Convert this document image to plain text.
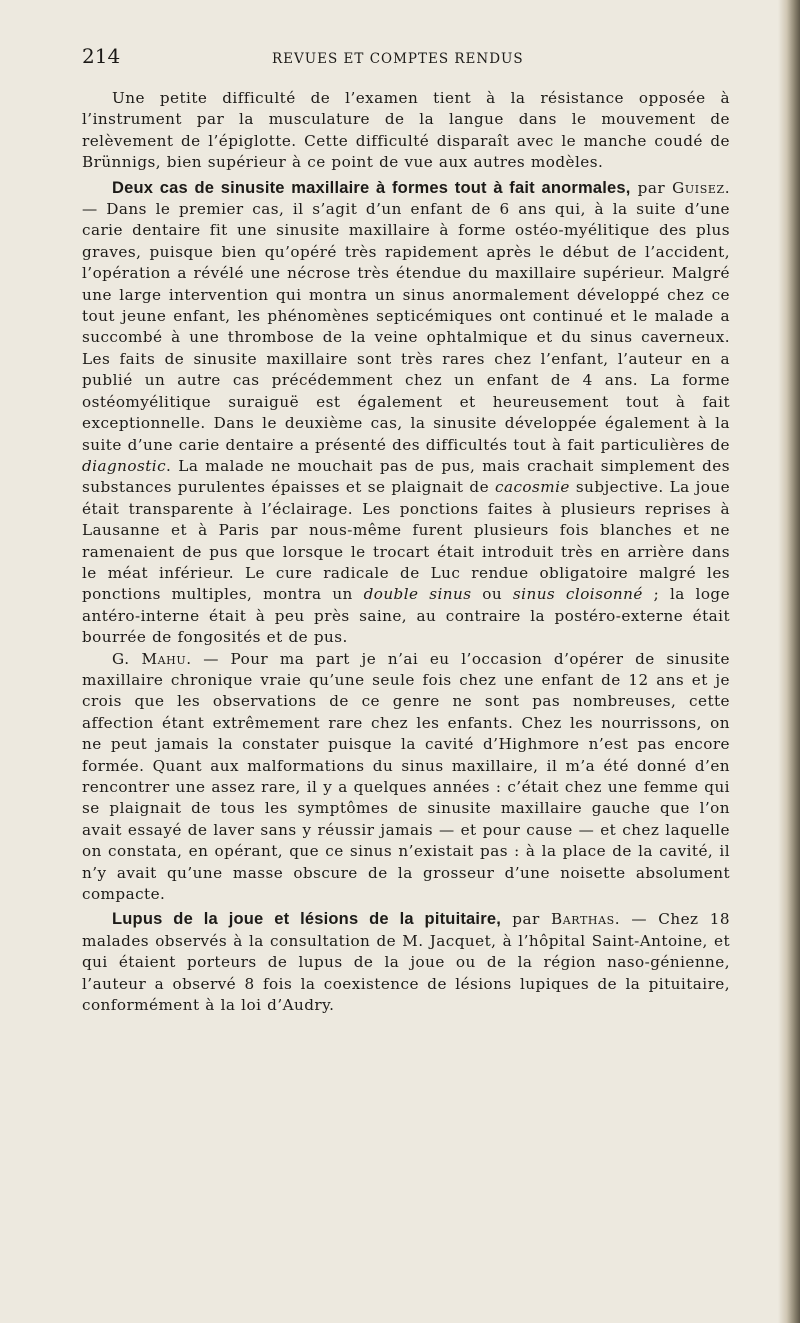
214	REVUES ET COMPTES RENDUS

Une petite difficulté de l’examen tient à la résistance opposée à l’instrument par la musculature de la langue dans le mouvement de relèvement de l’épiglotte. Cette difficulté disparaît avec le manche coudé de Brünnigs, bien supérieur à ce point de vue aux autres modèles.

Deux cas de sinusite maxillaire à formes tout à fait anormales, par Guisez. — Dans le premier cas, il s’agit d’un enfant de 6 ans qui, à la suite d’une carie dentaire fit une sinusite maxillaire à forme ostéo-myélitique des plus graves, puisque bien qu’opéré très rapidement après le début de l’accident, l’opération a révélé une nécrose très étendue du maxillaire supérieur. Malgré une large intervention qui montra un sinus anormalement développé chez ce tout jeune enfant, les phénomènes septicémiques ont continué et le malade a succombé à une thrombose de la veine ophtalmique et du sinus caverneux. Les faits de sinusite maxillaire sont très rares chez l’enfant, l’auteur en a publié un autre cas précédemment chez un enfant de 4 ans. La forme ostéomyélitique suraiguë est également et heureusement tout à fait exceptionnelle. Dans le deuxième cas, la sinusite développée également à la suite d’une carie dentaire a présenté des difficultés tout à fait particulières de diagnostic. La malade ne mouchait pas de pus, mais crachait simplement des substances purulentes épaisses et se plaignait de cacosmie subjective. La joue était transparente à l’éclairage. Les ponctions faites à plusieurs reprises à Lausanne et à Paris par nous-même furent plusieurs fois blanches et ne ramenaient de pus que lorsque le trocart était introduit très en arrière dans le méat inférieur. Le cure radicale de Luc rendue obligatoire malgré les ponctions multiples, montra un double sinus ou sinus cloisonné ; la loge antéro-interne était à peu près saine, au contraire la postéro-externe était bourrée de fongosités et de pus.

G. Mahu. — Pour ma part je n’ai eu l’occasion d’opérer de sinusite maxillaire chronique vraie qu’une seule fois chez une enfant de 12 ans et je crois que les observations de ce genre ne sont pas nombreuses, cette affection étant extrêmement rare chez les enfants. Chez les nourrissons, on ne peut jamais la constater puisque la cavité d’Highmore n’est pas encore formée. Quant aux malformations du sinus maxillaire, il m’a été donné d’en rencontrer une assez rare, il y a quelques années : c’était chez une femme qui se plaignait de tous les symptômes de sinusite maxillaire gauche que l’on avait essayé de laver sans y réussir jamais — et pour cause — et chez laquelle on constata, en opérant, que ce sinus n’existait pas : à la place de la cavité, il n’y avait qu’une masse obscure de la grosseur d’une noisette absolument compacte.

Lupus de la joue et lésions de la pituitaire, par Barthas. — Chez 18 malades observés à la consultation de M. Jacquet, à l’hôpital Saint-Antoine, et qui étaient porteurs de lupus de la joue ou de la région naso-génienne, l’auteur a observé 8 fois la coexistence de lésions lupiques de la pituitaire, conformément à la loi d’Audry.
